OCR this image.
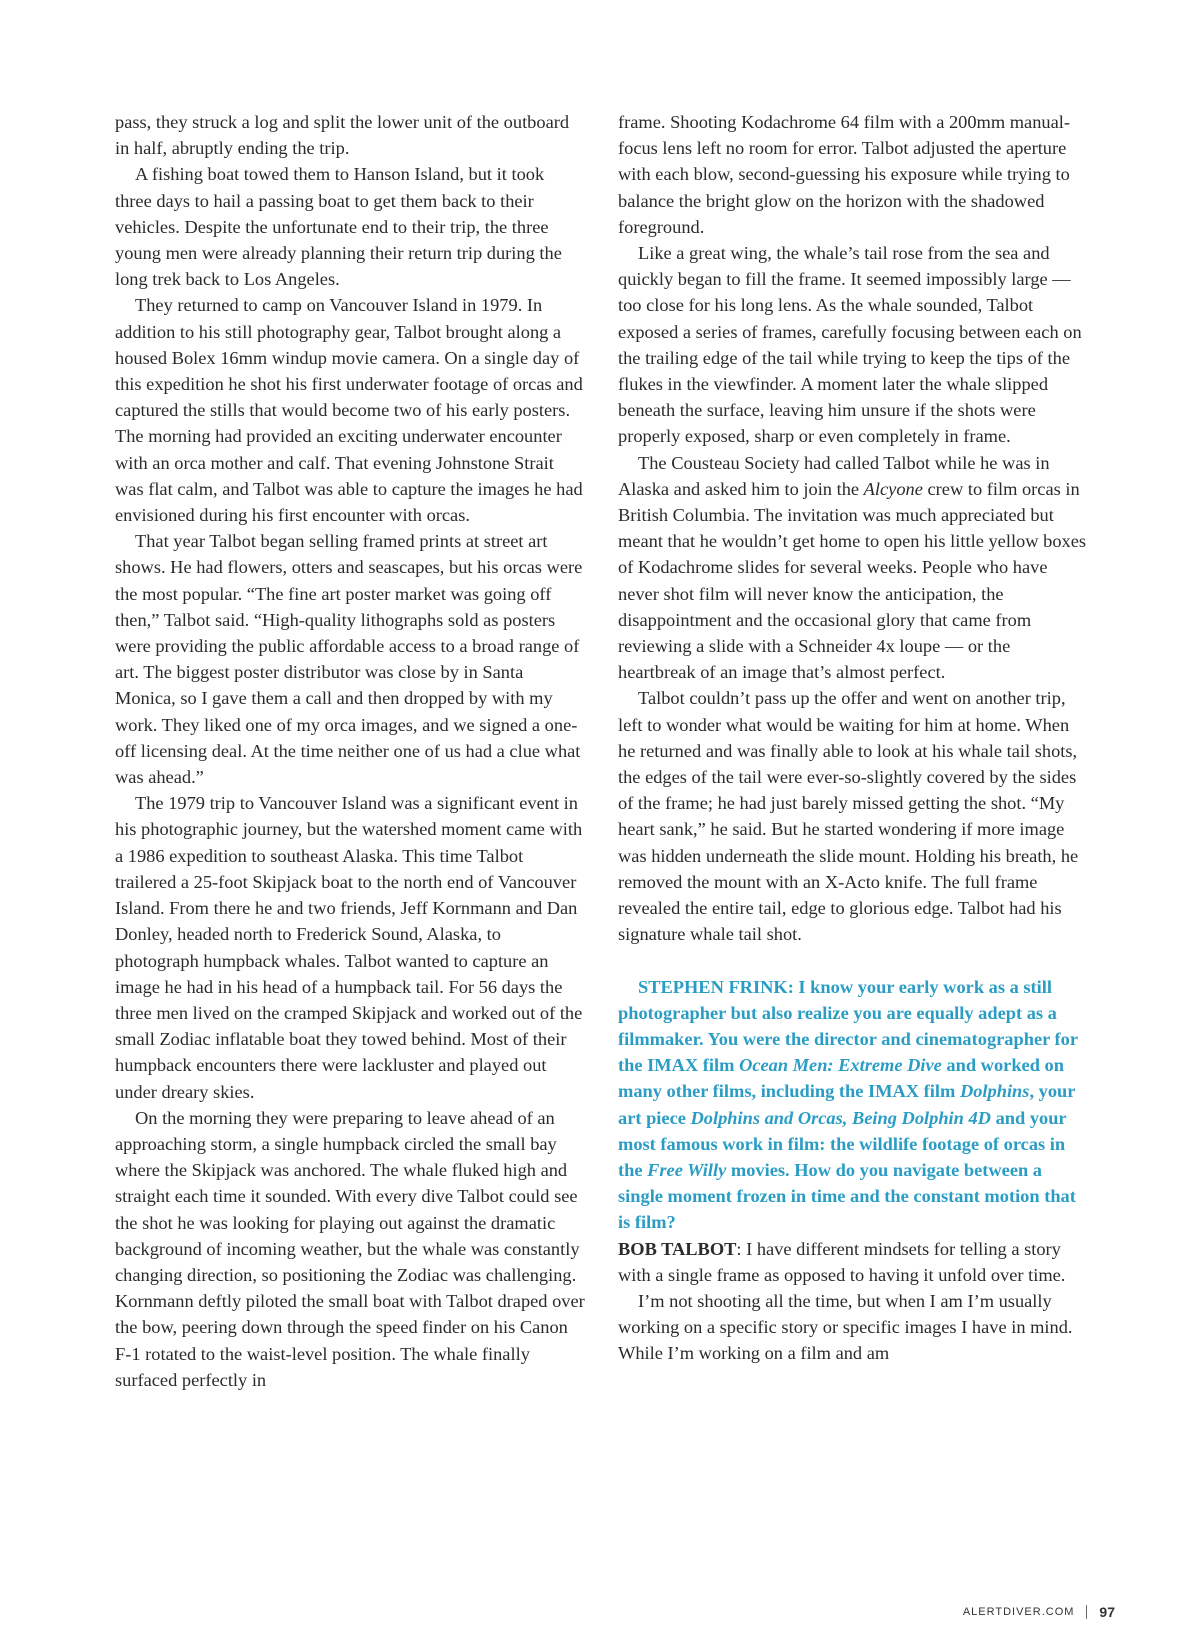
pass, they struck a log and split the lower unit of the outboard in half, abruptly ending the trip.

A fishing boat towed them to Hanson Island, but it took three days to hail a passing boat to get them back to their vehicles. Despite the unfortunate end to their trip, the three young men were already planning their return trip during the long trek back to Los Angeles.

They returned to camp on Vancouver Island in 1979. In addition to his still photography gear, Talbot brought along a housed Bolex 16mm windup movie camera. On a single day of this expedition he shot his first underwater footage of orcas and captured the stills that would become two of his early posters. The morning had provided an exciting underwater encounter with an orca mother and calf. That evening Johnstone Strait was flat calm, and Talbot was able to capture the images he had envisioned during his first encounter with orcas.

That year Talbot began selling framed prints at street art shows. He had flowers, otters and seascapes, but his orcas were the most popular. “The fine art poster market was going off then,” Talbot said. “High-quality lithographs sold as posters were providing the public affordable access to a broad range of art. The biggest poster distributor was close by in Santa Monica, so I gave them a call and then dropped by with my work. They liked one of my orca images, and we signed a one-off licensing deal. At the time neither one of us had a clue what was ahead.”

The 1979 trip to Vancouver Island was a significant event in his photographic journey, but the watershed moment came with a 1986 expedition to southeast Alaska. This time Talbot trailered a 25-foot Skipjack boat to the north end of Vancouver Island. From there he and two friends, Jeff Kornmann and Dan Donley, headed north to Frederick Sound, Alaska, to photograph humpback whales. Talbot wanted to capture an image he had in his head of a humpback tail. For 56 days the three men lived on the cramped Skipjack and worked out of the small Zodiac inflatable boat they towed behind. Most of their humpback encounters there were lackluster and played out under dreary skies.

On the morning they were preparing to leave ahead of an approaching storm, a single humpback circled the small bay where the Skipjack was anchored. The whale fluked high and straight each time it sounded. With every dive Talbot could see the shot he was looking for playing out against the dramatic background of incoming weather, but the whale was constantly changing direction, so positioning the Zodiac was challenging. Kornmann deftly piloted the small boat with Talbot draped over the bow, peering down through the speed finder on his Canon F-1 rotated to the waist-level position. The whale finally surfaced perfectly in

frame. Shooting Kodachrome 64 film with a 200mm manual-focus lens left no room for error. Talbot adjusted the aperture with each blow, second-guessing his exposure while trying to balance the bright glow on the horizon with the shadowed foreground.

Like a great wing, the whale’s tail rose from the sea and quickly began to fill the frame. It seemed impossibly large — too close for his long lens. As the whale sounded, Talbot exposed a series of frames, carefully focusing between each on the trailing edge of the tail while trying to keep the tips of the flukes in the viewfinder. A moment later the whale slipped beneath the surface, leaving him unsure if the shots were properly exposed, sharp or even completely in frame.

The Cousteau Society had called Talbot while he was in Alaska and asked him to join the Alcyone crew to film orcas in British Columbia. The invitation was much appreciated but meant that he wouldn’t get home to open his little yellow boxes of Kodachrome slides for several weeks. People who have never shot film will never know the anticipation, the disappointment and the occasional glory that came from reviewing a slide with a Schneider 4x loupe — or the heartbreak of an image that’s almost perfect.

Talbot couldn’t pass up the offer and went on another trip, left to wonder what would be waiting for him at home. When he returned and was finally able to look at his whale tail shots, the edges of the tail were ever-so-slightly covered by the sides of the frame; he had just barely missed getting the shot. “My heart sank,” he said. But he started wondering if more image was hidden underneath the slide mount. Holding his breath, he removed the mount with an X-Acto knife. The full frame revealed the entire tail, edge to glorious edge. Talbot had his signature whale tail shot.

STEPHEN FRINK: I know your early work as a still photographer but also realize you are equally adept as a filmmaker. You were the director and cinematographer for the IMAX film Ocean Men: Extreme Dive and worked on many other films, including the IMAX film Dolphins, your art piece Dolphins and Orcas, Being Dolphin 4D and your most famous work in film: the wildlife footage of orcas in the Free Willy movies. How do you navigate between a single moment frozen in time and the constant motion that is film?

BOB TALBOT: I have different mindsets for telling a story with a single frame as opposed to having it unfold over time.

I’m not shooting all the time, but when I am I’m usually working on a specific story or specific images I have in mind. While I’m working on a film and am

ALERTDIVER.COM 97
